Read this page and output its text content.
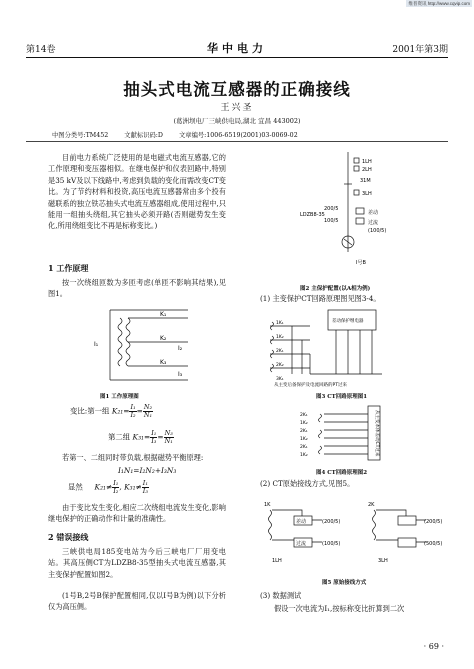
维普资讯 http://www.cqvip.com
第14卷	华中电力	2001年第3期
抽头式电流互感器的正确接线
王兴圣
(葛洲坝电厂三峡供电局,湖北 宜昌 443002)
中图分类号:TM452	文献标识码:D	文章编号:1006-6519(2001)03-0069-02
目前电力系统广泛使用的是电磁式电流互感器,它的工作原理和变压器相似。在继电保护和仪表回路中,特别是35 kV及以下线路中,考虑到负载的变化而需改变CT变比。为了节约材料和投资,高压电流互感器常由多个投有磁联系的独立铁芯抽头式电流互感器组成,使用过程中,只能用一组抽头绕组,其它抽头必须开路(否则磁势发生变化,所用绕组变比不再是标称变比。)
1 工作原理
按一次绕组匝数为多匝考虑(单匝不影响其结果),见图1。
I₁
K₁
K₂
K₃
I₂
I₃
图1 工作原理图
变比:第一组 $K_{21}= \frac{\text{I₁}}{\text{I₂}} = \frac{\text{N₂}}{\text{N₁}}$
第二组 $K_{31}= \frac{\text{I₁}}{\text{I₃}} = \frac{\text{N₃}}{\text{N₁}}$
若第一、二组同时带负载,根据磁势平衡原理:
I₁N₁=I₂N₂+I₃N₃
显然 $K_{21}\ne \frac{\text{I₁}}{\text{I₂}}$ , $K_{31}\ne \frac{\text{I₁}}{\text{I₃}}$
由于变比发生变化,相应二次绕组电流发生变化,影响继电保护的正确动作和计量的准确性。
2 错误接线
三峡供电局185变电站为今后三峡电厂厂用变电站。其高压侧CT为LDZB8-35型抽头式电流互感器,其主变保护配置如图2。
(1号B,2号B保护配置相同,仅以I号B为例)以下分析仅为高压侧。
1LH
2LH
3LH
31M
LDZB8-35
200/5
100/5
差动
过流
(100/5)
Ⅰ号B
图2 主保护配置(以A相为例)
(1) 主变保护CT回路原理图见图3-4。
差动保护继电器
1K₁
1K₂
2K₁
2K₂
3K₁
从主变后备保护及电流回路的PT过来
图3 CT回路原理图1
2K₁
1K₂
2K₁
1K₂
2K₁
1K₂	从主变本体差动CT过来
图4 CT回路原理图2
(2) CT原始接线方式,见图5。
1K
差动	(200/5)
过流	(100/5)
1LH
2K
(200/5)
(500/5)
3LH
图5 原始接线方式
(3) 数据测试
假设一次电流为I₁,按标称变比折算到二次
· 69 ·
